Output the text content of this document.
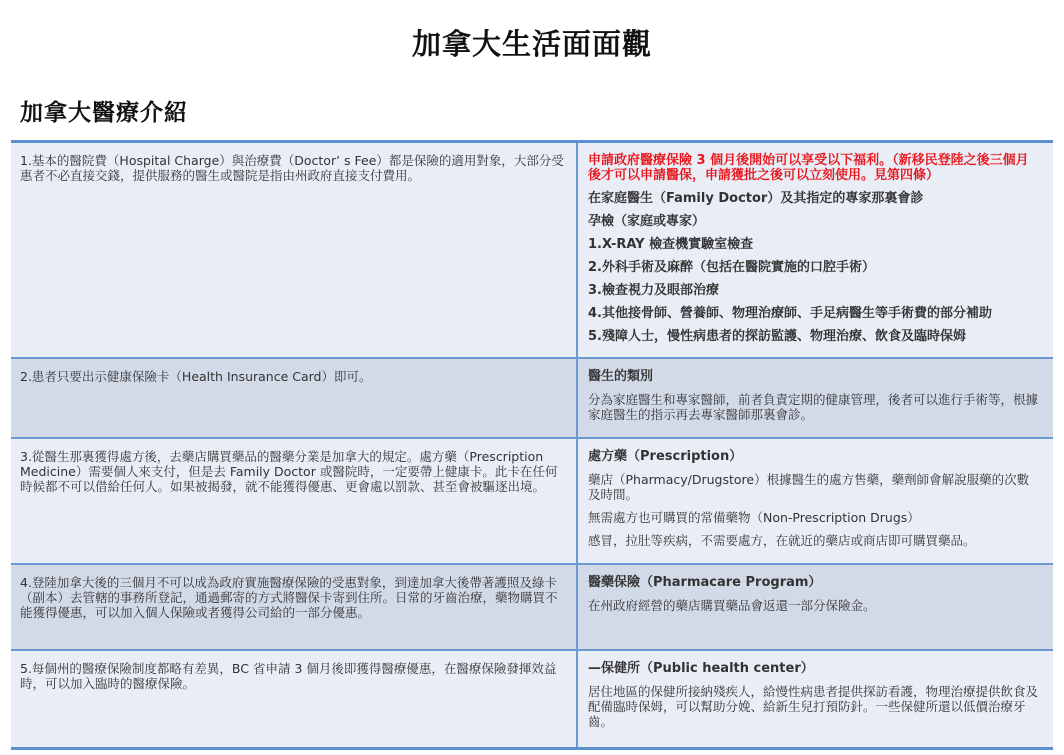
加拿大生活面面觀
加拿大醫療介紹
1.基本的醫院費（Hospital Charge）與治療費（Doctor’ s Fee）都是保險的適用對象，大部分受惠者不必直接交錢，提供服務的醫生或醫院是指由州政府直接支付費用。
申請政府醫療保險 3 個月後開始可以享受以下福利。（新移民登陸之後三個月後才可以申請醫保，申請獲批之後可以立刻使用。見第四條）
在家庭醫生（Family Doctor）及其指定的專家那裏會診
孕檢（家庭或專家）
1.X-RAY 檢查機實驗室檢查
2.外科手術及麻醉（包括在醫院實施的口腔手術）
3.檢查視力及眼部治療
4.其他接骨師、營養師、物理治療師、手足病醫生等手術費的部分補助
5.殘障人士，慢性病患者的探訪監護、物理治療、飲食及臨時保姆
2.患者只要出示健康保險卡（Health Insurance Card）即可。	醫生的類別
分為家庭醫生和專家醫師，前者負責定期的健康管理，後者可以進行手術等，根據家庭醫生的指示再去專家醫師那裏會診。
3.從醫生那裏獲得處方後，去藥店購買藥品的醫藥分業是加拿大的規定。處方藥（Prescription Medicine）需要個人來支付，但是去 Family Doctor 或醫院時，一定要帶上健康卡。此卡在任何時候都不可以借給任何人。如果被揭發，就不能獲得優惠、更會處以罰款、甚至會被驅逐出境。
處方藥（Prescription）
藥店（Pharmacy/Drugstore）根據醫生的處方售藥，藥劑師會解說服藥的次數及時間。
無需處方也可購買的常備藥物（Non-Prescription Drugs）
感冒，拉肚等疾病，不需要處方，在就近的藥店或商店即可購買藥品。
4.登陸加拿大後的三個月不可以成為政府實施醫療保險的受惠對象，到達加拿大後帶著護照及綠卡（副本）去管轄的事務所登記，通過郵寄的方式將醫保卡寄到住所。日常的牙齒治療，藥物購買不能獲得優惠，可以加入個人保險或者獲得公司給的一部分優惠。
醫藥保險（Pharmacare Program）
在州政府經營的藥店購買藥品會返還一部分保險金。
5.每個州的醫療保險制度都略有差異，BC 省申請 3 個月後即獲得醫療優惠，在醫療保險發揮效益時，可以加入臨時的醫療保險。
—保健所（Public health center）
居住地區的保健所接納殘疾人，給慢性病患者提供探訪看護，物理治療提供飲食及配備臨時保姆，可以幫助分娩、給新生兒打預防針。一些保健所還以低價治療牙齒。
